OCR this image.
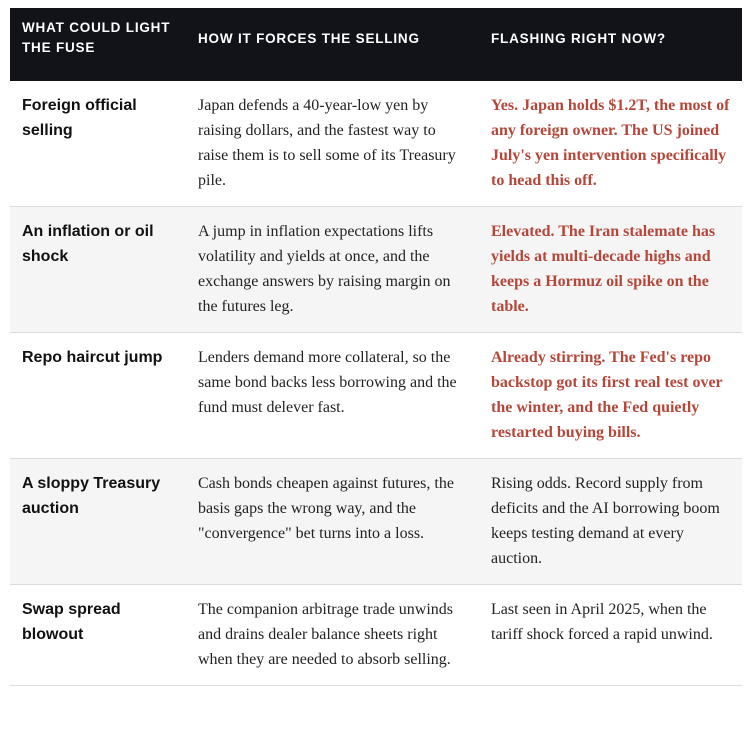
WHAT COULD LIGHT THE FUSE	HOW IT FORCES THE SELLING	FLASHING RIGHT NOW?
Foreign official selling	Japan defends a 40-year-low yen by raising dollars, and the fastest way to raise them is to sell some of its Treasury pile.	Yes. Japan holds $1.2T, the most of any foreign owner. The US joined July's yen intervention specifically to head this off.
An inflation or oil shock	A jump in inflation expectations lifts volatility and yields at once, and the exchange answers by raising margin on the futures leg.	Elevated. The Iran stalemate has yields at multi-decade highs and keeps a Hormuz oil spike on the table.
Repo haircut jump	Lenders demand more collateral, so the same bond backs less borrowing and the fund must delever fast.	Already stirring. The Fed's repo backstop got its first real test over the winter, and the Fed quietly restarted buying bills.
A sloppy Treasury auction	Cash bonds cheapen against futures, the basis gaps the wrong way, and the "convergence" bet turns into a loss.	Rising odds. Record supply from deficits and the AI borrowing boom keeps testing demand at every auction.
Swap spread blowout	The companion arbitrage trade unwinds and drains dealer balance sheets right when they are needed to absorb selling.	Last seen in April 2025, when the tariff shock forced a rapid unwind.
